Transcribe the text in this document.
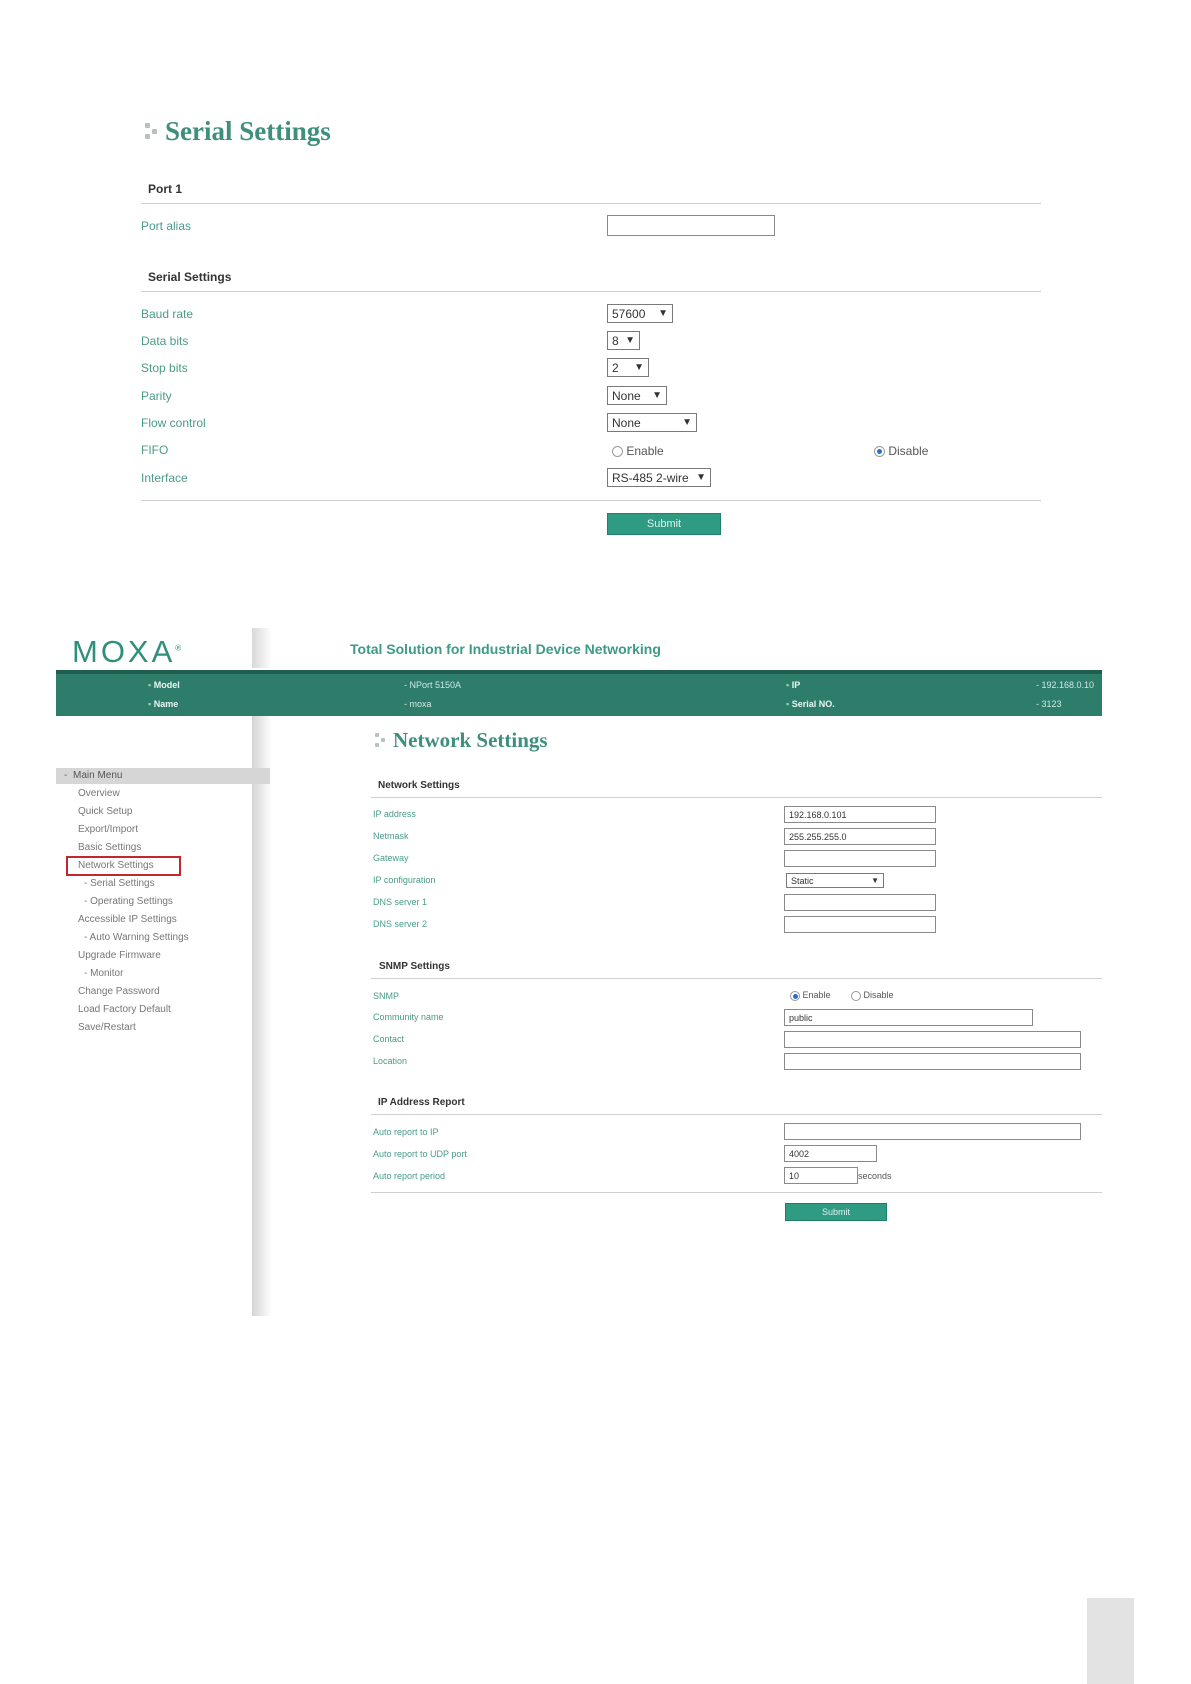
Serial Settings
Port 1
Port alias
Serial Settings
Baud rate	57600 ▼
Data bits	8 ▼
Stop bits	2 ▼
Parity	None ▼
Flow control	None	▼
FIFO	Enable	Disable
Interface	RS-485 2-wire ▼
Submit
MOXA®	Total Solution for Industrial Device Networking
▪ Model	- NPort 5150A
▪ Name	- moxa
▪ IP	- 192.168.0.10
▪ Serial NO.	- 3123
- Main Menu
Overview
Quick Setup
Export/Import
Basic Settings
Network Settings
- Serial Settings
- Operating Settings
Accessible IP Settings
- Auto Warning Settings
Upgrade Firmware
- Monitor
Change Password
Load Factory Default
Save/Restart
Network Settings
Network Settings
IP address	192.168.0.101
Netmask	255.255.255.0
Gateway
IP configuration	Static	▼
DNS server 1
DNS server 2
SNMP Settings
SNMP	Enable	Disable
Community name	public
Contact
Location
IP Address Report
Auto report to IP
Auto report to UDP port	4002
Auto report period	10	seconds
Submit
